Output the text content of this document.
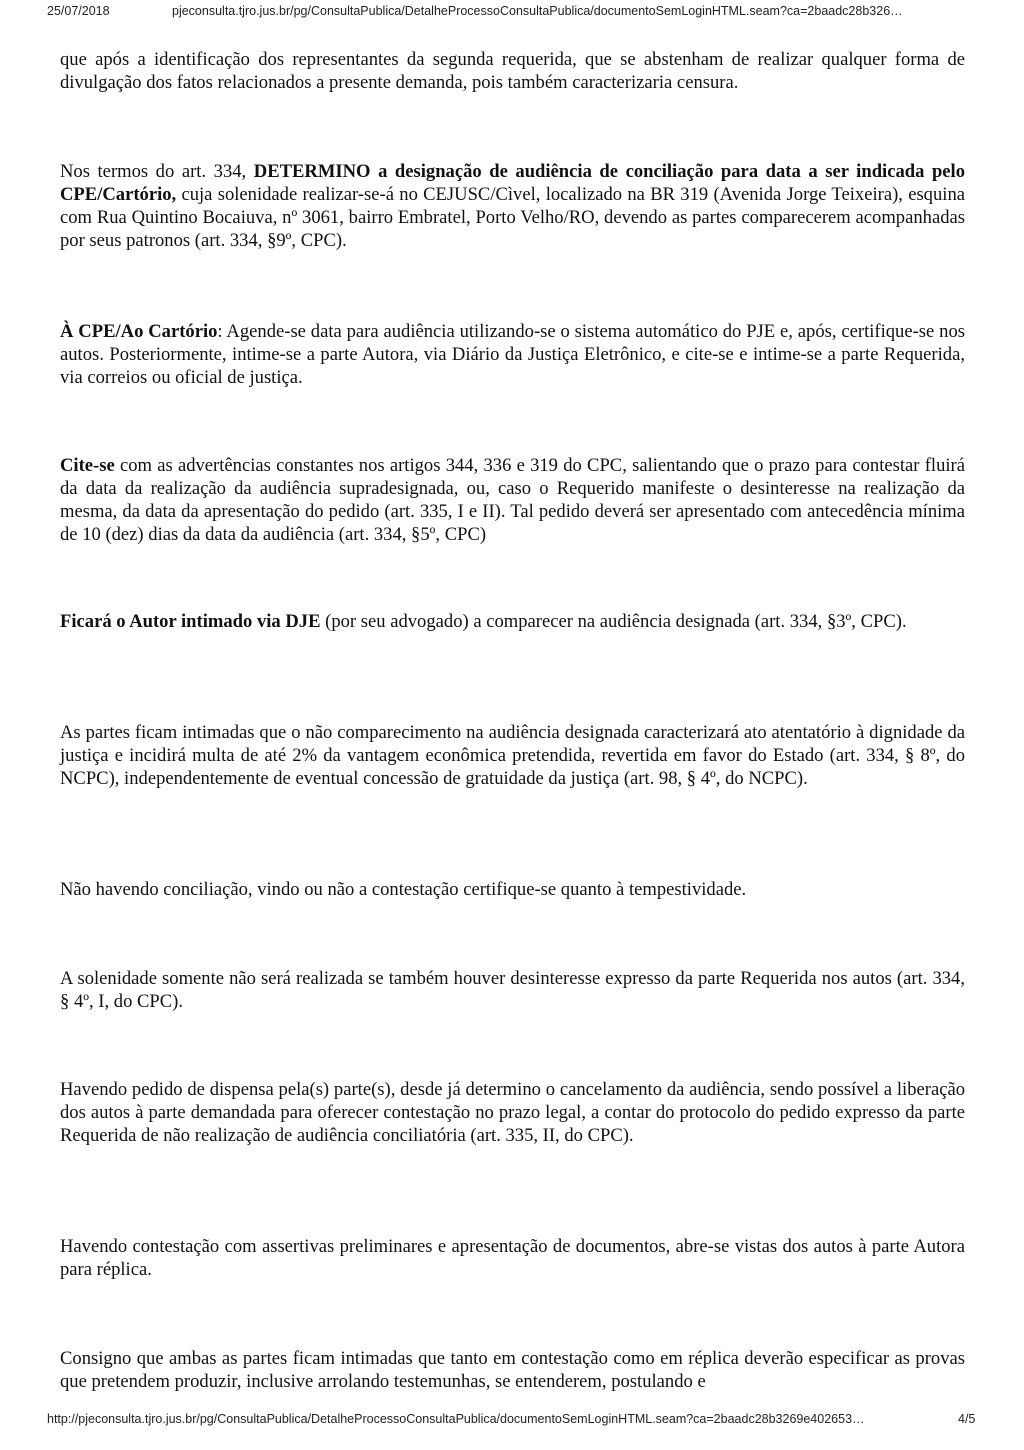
25/07/2018	pjeconsulta.tjro.jus.br/pg/ConsultaPublica/DetalheProcessoConsultaPublica/documentoSemLoginHTML.seam?ca=2baadc28b326…

que após a identificação dos representantes da segunda requerida, que se abstenham de realizar qualquer forma de divulgação dos fatos relacionados a presente demanda, pois também caracterizaria censura.

Nos termos do art. 334, DETERMINO a designação de audiência de conciliação para data a ser indicada pelo CPE/Cartório, cuja solenidade realizar-se-á no CEJUSC/Cìvel, localizado na BR 319 (Avenida Jorge Teixeira), esquina com Rua Quintino Bocaiuva, nº 3061, bairro Embratel, Porto Velho/RO, devendo as partes comparecerem acompanhadas por seus patronos (art. 334, §9º, CPC).

À CPE/Ao Cartório: Agende-se data para audiência utilizando-se o sistema automático do PJE e, após, certifique-se nos autos. Posteriormente, intime-se a parte Autora, via Diário da Justiça Eletrônico, e cite-se e intime-se a parte Requerida, via correios ou oficial de justiça.

Cite-se com as advertências constantes nos artigos 344, 336 e 319 do CPC, salientando que o prazo para contestar fluirá da data da realização da audiência supradesignada, ou, caso o Requerido manifeste o desinteresse na realização da mesma, da data da apresentação do pedido (art. 335, I e II). Tal pedido deverá ser apresentado com antecedência mínima de 10 (dez) dias da data da audiência (art. 334, §5º, CPC)

Ficará o Autor intimado via DJE (por seu advogado) a comparecer na audiência designada (art. 334, §3º, CPC).

As partes ficam intimadas que o não comparecimento na audiência designada caracterizará ato atentatório à dignidade da justiça e incidirá multa de até 2% da vantagem econômica pretendida, revertida em favor do Estado (art. 334, § 8º, do NCPC), independentemente de eventual concessão de gratuidade da justiça (art. 98, § 4º, do NCPC).

Não havendo conciliação, vindo ou não a contestação certifique-se quanto à tempestividade.

A solenidade somente não será realizada se também houver desinteresse expresso da parte Requerida nos autos (art. 334, § 4º, I, do CPC).

Havendo pedido de dispensa pela(s) parte(s), desde já determino o cancelamento da audiência, sendo possível a liberação dos autos à parte demandada para oferecer contestação no prazo legal, a contar do protocolo do pedido expresso da parte Requerida de não realização de audiência conciliatória (art. 335, II, do CPC).

Havendo contestação com assertivas preliminares e apresentação de documentos, abre-se vistas dos autos à parte Autora para réplica.

Consigno que ambas as partes ficam intimadas que tanto em contestação como em réplica deverão especificar as provas que pretendem produzir, inclusive arrolando testemunhas, se entenderem, postulando e

http://pjeconsulta.tjro.jus.br/pg/ConsultaPublica/DetalheProcessoConsultaPublica/documentoSemLoginHTML.seam?ca=2baadc28b3269e402653…	4/5
